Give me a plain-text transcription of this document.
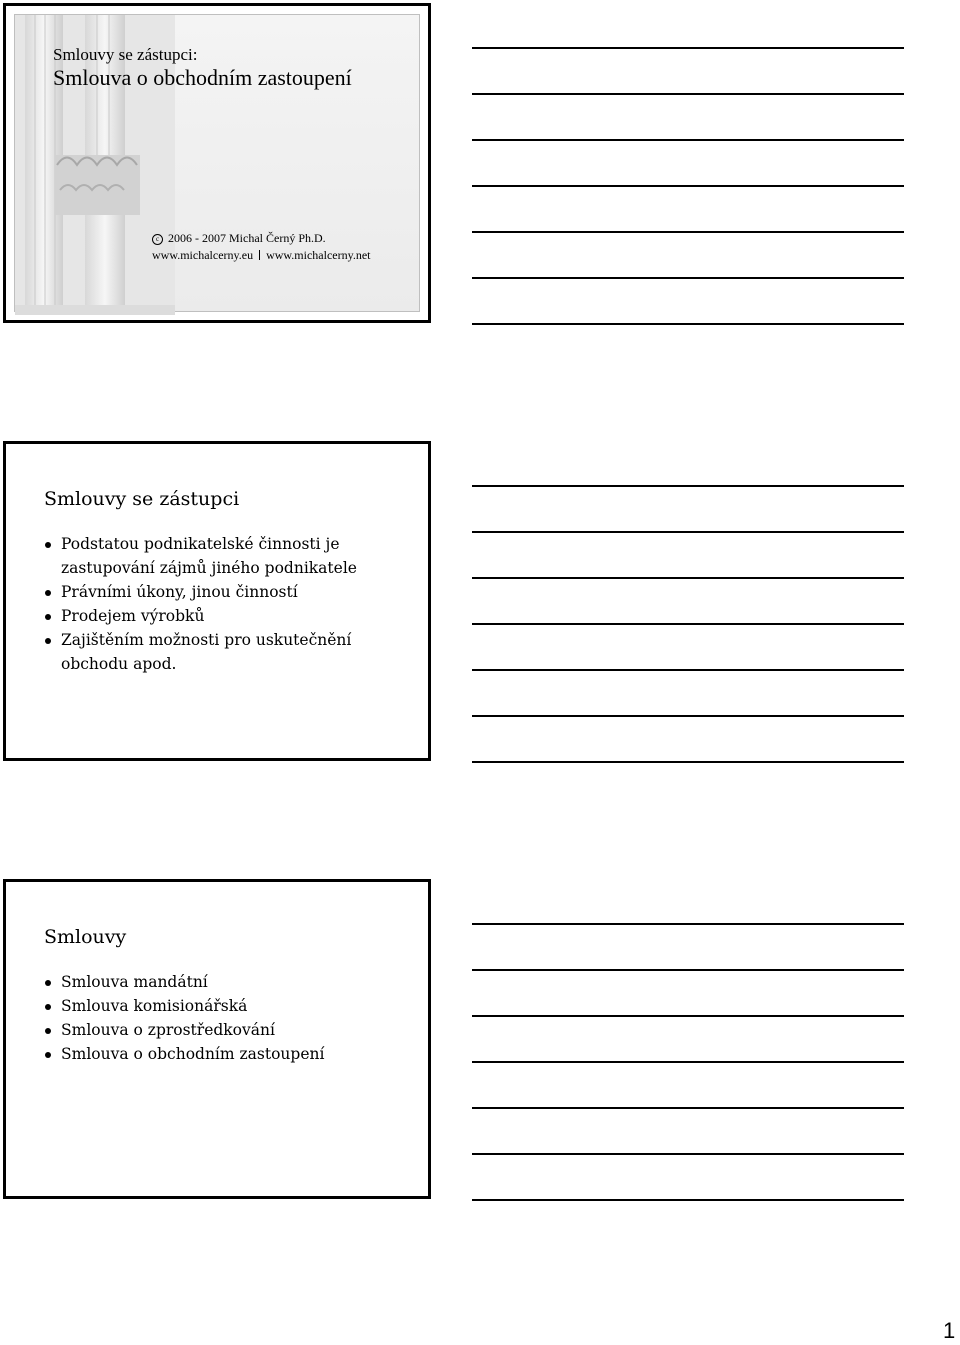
Smlouvy se zástupci:
Smlouva o obchodním zastoupení
c 2006 - 2007 Michal Černý Ph.D.
www.michalcerny.eu www.michalcerny.net
Smlouvy se zástupci
Podstatou podnikatelské činnosti je
zastupování zájmů jiného podnikatele
Právními úkony, jinou činností
Prodejem výrobků
Zajištěním možnosti pro uskutečnění
obchodu apod.
Smlouvy
Smlouva mandátní
Smlouva komisionářská
Smlouva o zprostředkování
Smlouva o obchodním zastoupení
1
